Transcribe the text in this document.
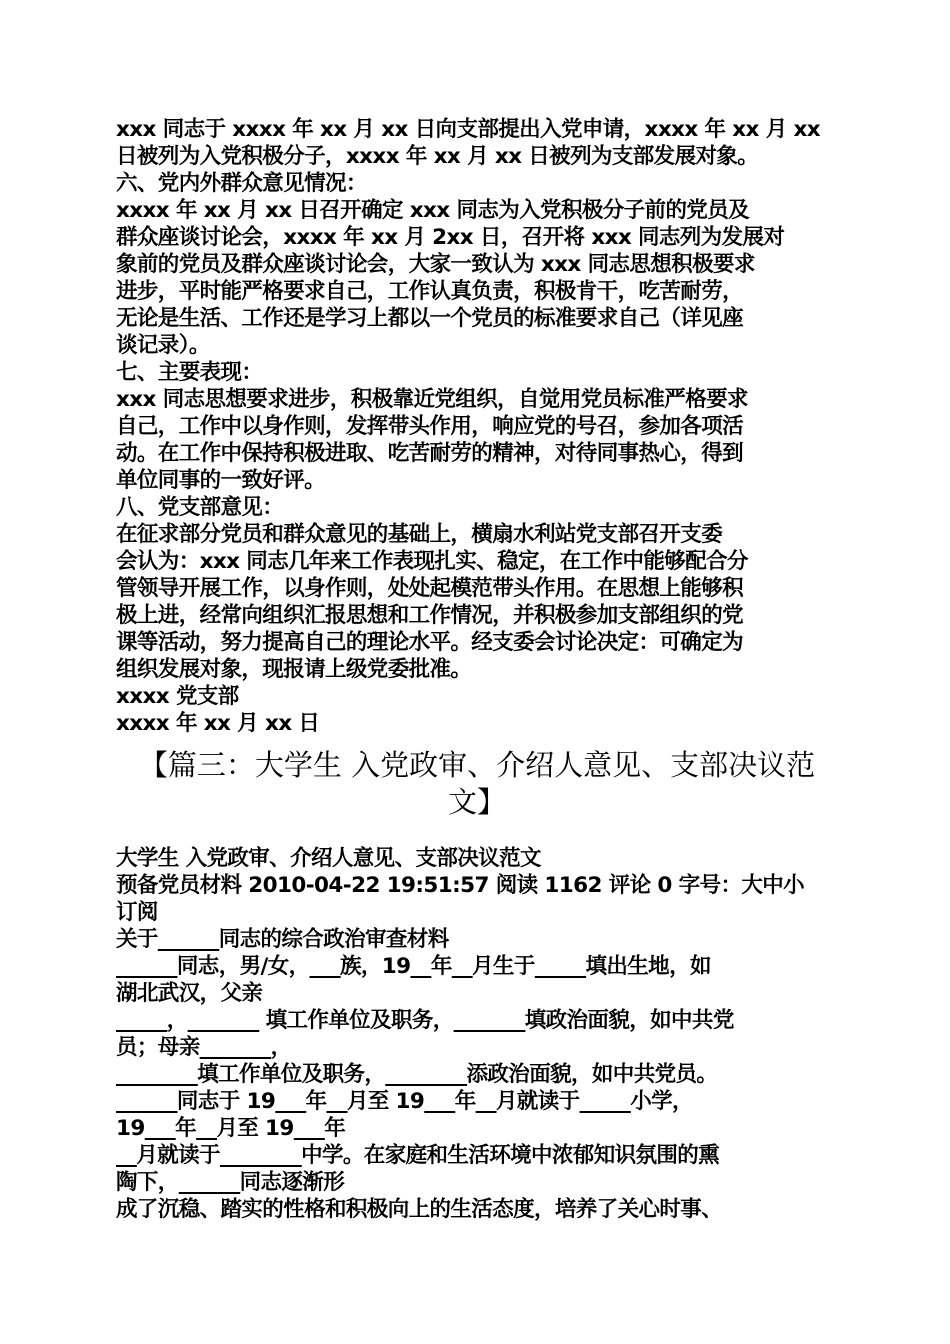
xxx 同志于 xxxx 年 xx 月 xx 日向支部提出入党申请，xxxx 年 xx 月 xx
日被列为入党积极分子，xxxx 年 xx 月 xx 日被列为支部发展对象。
六、党内外群众意见情况：
xxxx 年 xx 月 xx 日召开确定 xxx 同志为入党积极分子前的党员及
群众座谈讨论会，xxxx 年 xx 月 2xx 日，召开将 xxx 同志列为发展对
象前的党员及群众座谈讨论会，大家一致认为 xxx 同志思想积极要求
进步，平时能严格要求自己，工作认真负责，积极肯干，吃苦耐劳，
无论是生活、工作还是学习上都以一个党员的标准要求自己（详见座
谈记录）。
七、主要表现：
xxx 同志思想要求进步，积极靠近党组织，自觉用党员标准严格要求
自己，工作中以身作则，发挥带头作用，响应党的号召，参加各项活
动。在工作中保持积极进取、吃苦耐劳的精神，对待同事热心，得到
单位同事的一致好评。
八、党支部意见：
在征求部分党员和群众意见的基础上，横扇水利站党支部召开支委
会认为：xxx 同志几年来工作表现扎实、稳定，在工作中能够配合分
管领导开展工作，以身作则，处处起模范带头作用。在思想上能够积
极上进，经常向组织汇报思想和工作情况，并积极参加支部组织的党
课等活动，努力提高自己的理论水平。经支委会讨论决定：可确定为
组织发展对象，现报请上级党委批准。
xxxx 党支部
xxxx 年 xx 月 xx 日
【篇三：大学生 入党政审、介绍人意见、支部决议范
文】
大学生 入党政审、介绍人意见、支部决议范文
预备党员材料 2010-04-22 19:51:57 阅读 1162 评论 0 字号：大中小
订阅
关于______同志的综合政治审查材料
______同志，男/女，___族，19__年__月生于_____填出生地，如
湖北武汉，父亲
_____，_______ 填工作单位及职务，_______填政治面貌，如中共党
员；母亲_______，
________填工作单位及职务，________添政治面貌，如中共党员。
______同志于 19___年__月至 19___年__月就读于_____小学，
19___年__月至 19___年
__月就读于________中学。在家庭和生活环境中浓郁知识氛围的熏
陶下，______同志逐渐形
成了沉稳、踏实的性格和积极向上的生活态度，培养了关心时事、
